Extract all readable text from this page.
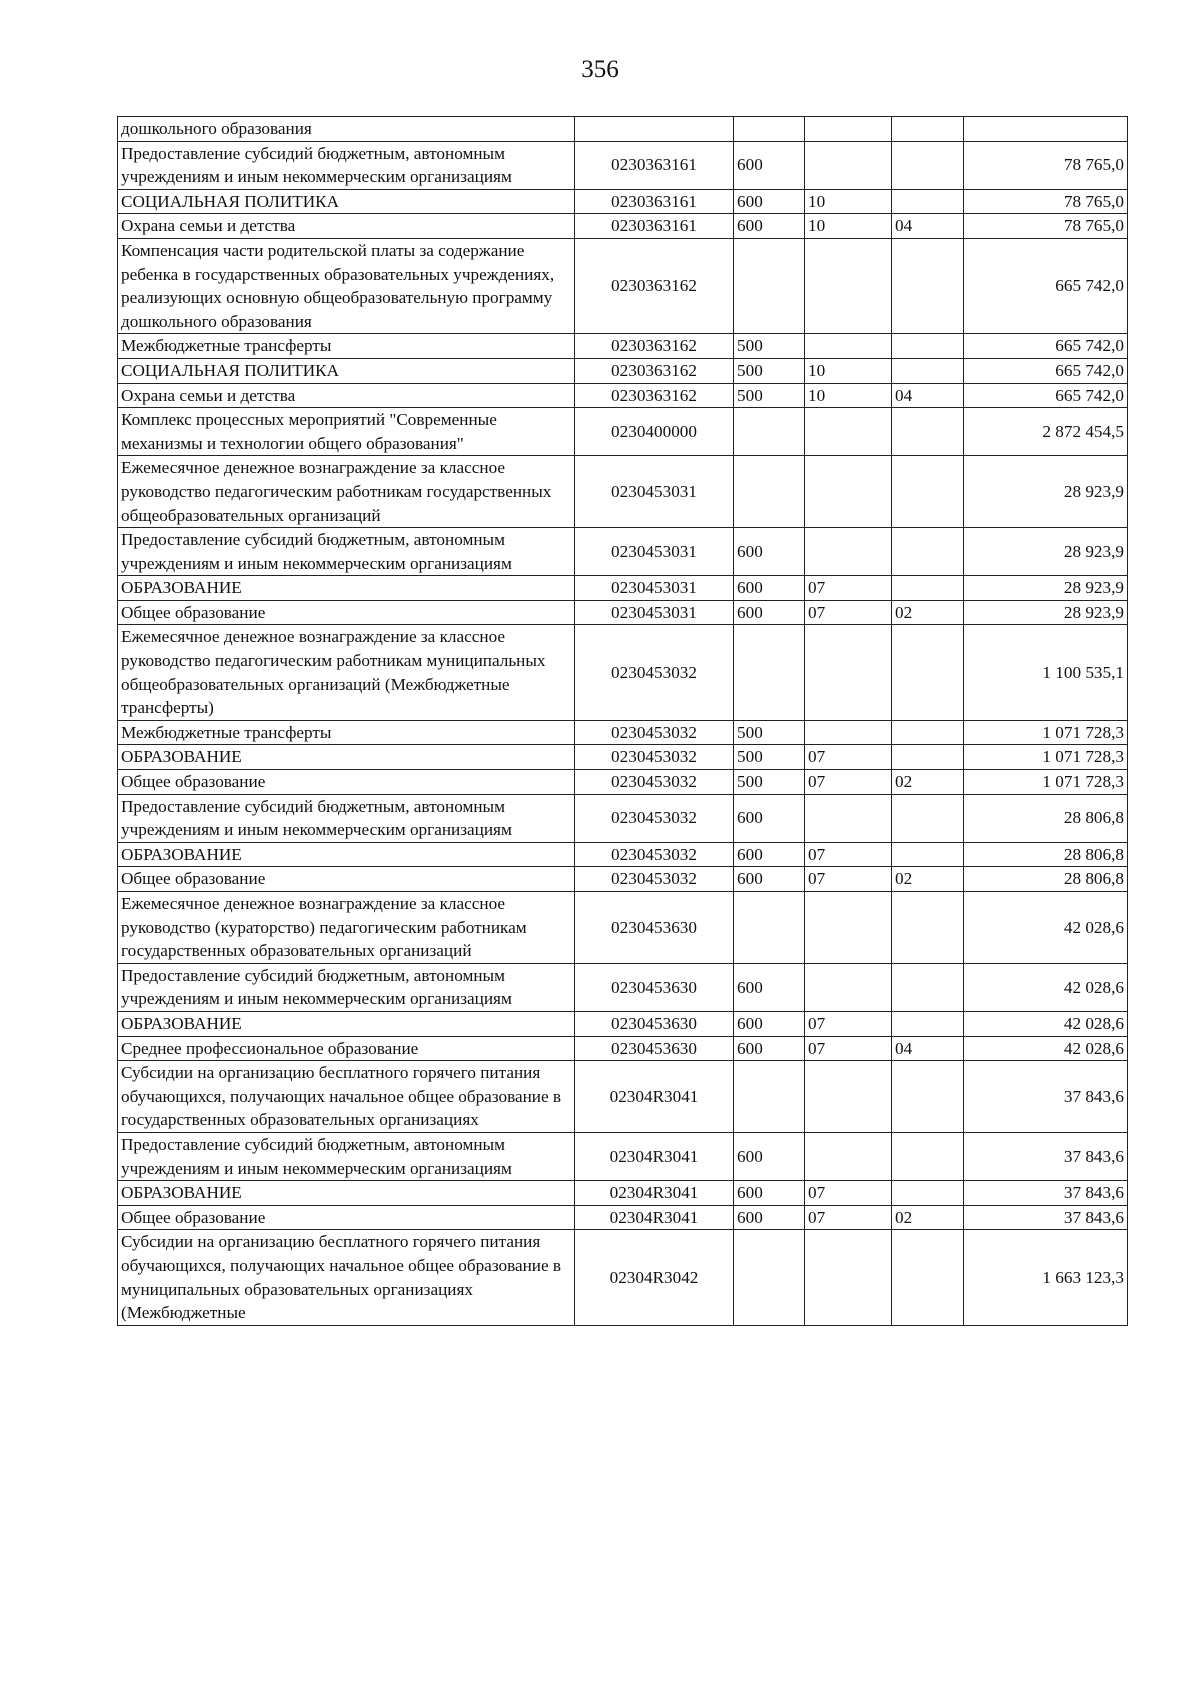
356
дошкольного образования					
Предоставление субсидий бюджетным, автономным учреждениям и иным некоммерческим организациям	0230363161	600			78 765,0
СОЦИАЛЬНАЯ ПОЛИТИКА	0230363161	600	10		78 765,0
Охрана семьи и детства	0230363161	600	10	04	78 765,0
Компенсация части родительской платы за содержание ребенка в государственных образовательных учреждениях, реализующих основную общеобразовательную программу дошкольного образования	0230363162				665 742,0
Межбюджетные трансферты	0230363162	500			665 742,0
СОЦИАЛЬНАЯ ПОЛИТИКА	0230363162	500	10		665 742,0
Охрана семьи и детства	0230363162	500	10	04	665 742,0
Комплекс процессных мероприятий "Современные механизмы и технологии общего образования"	0230400000				2 872 454,5
Ежемесячное денежное вознаграждение за классное руководство педагогическим работникам государственных общеобразовательных организаций	0230453031				28 923,9
Предоставление субсидий бюджетным, автономным учреждениям и иным некоммерческим организациям	0230453031	600			28 923,9
ОБРАЗОВАНИЕ	0230453031	600	07		28 923,9
Общее образование	0230453031	600	07	02	28 923,9
Ежемесячное денежное вознаграждение за классное руководство педагогическим работникам муниципальных общеобразовательных организаций (Межбюджетные трансферты)	0230453032				1 100 535,1
Межбюджетные трансферты	0230453032	500			1 071 728,3
ОБРАЗОВАНИЕ	0230453032	500	07		1 071 728,3
Общее образование	0230453032	500	07	02	1 071 728,3
Предоставление субсидий бюджетным, автономным учреждениям и иным некоммерческим организациям	0230453032	600			28 806,8
ОБРАЗОВАНИЕ	0230453032	600	07		28 806,8
Общее образование	0230453032	600	07	02	28 806,8
Ежемесячное денежное вознаграждение за классное руководство (кураторство) педагогическим работникам государственных образовательных организаций	0230453630				42 028,6
Предоставление субсидий бюджетным, автономным учреждениям и иным некоммерческим организациям	0230453630	600			42 028,6
ОБРАЗОВАНИЕ	0230453630	600	07		42 028,6
Среднее профессиональное образование	0230453630	600	07	04	42 028,6
Субсидии на организацию бесплатного горячего питания обучающихся, получающих начальное общее образование в государственных образовательных организациях	02304R3041				37 843,6
Предоставление субсидий бюджетным, автономным учреждениям и иным некоммерческим организациям	02304R3041	600			37 843,6
ОБРАЗОВАНИЕ	02304R3041	600	07		37 843,6
Общее образование	02304R3041	600	07	02	37 843,6
Субсидии на организацию бесплатного горячего питания обучающихся, получающих начальное общее образование в муниципальных образовательных организациях (Межбюджетные	02304R3042				1 663 123,3
